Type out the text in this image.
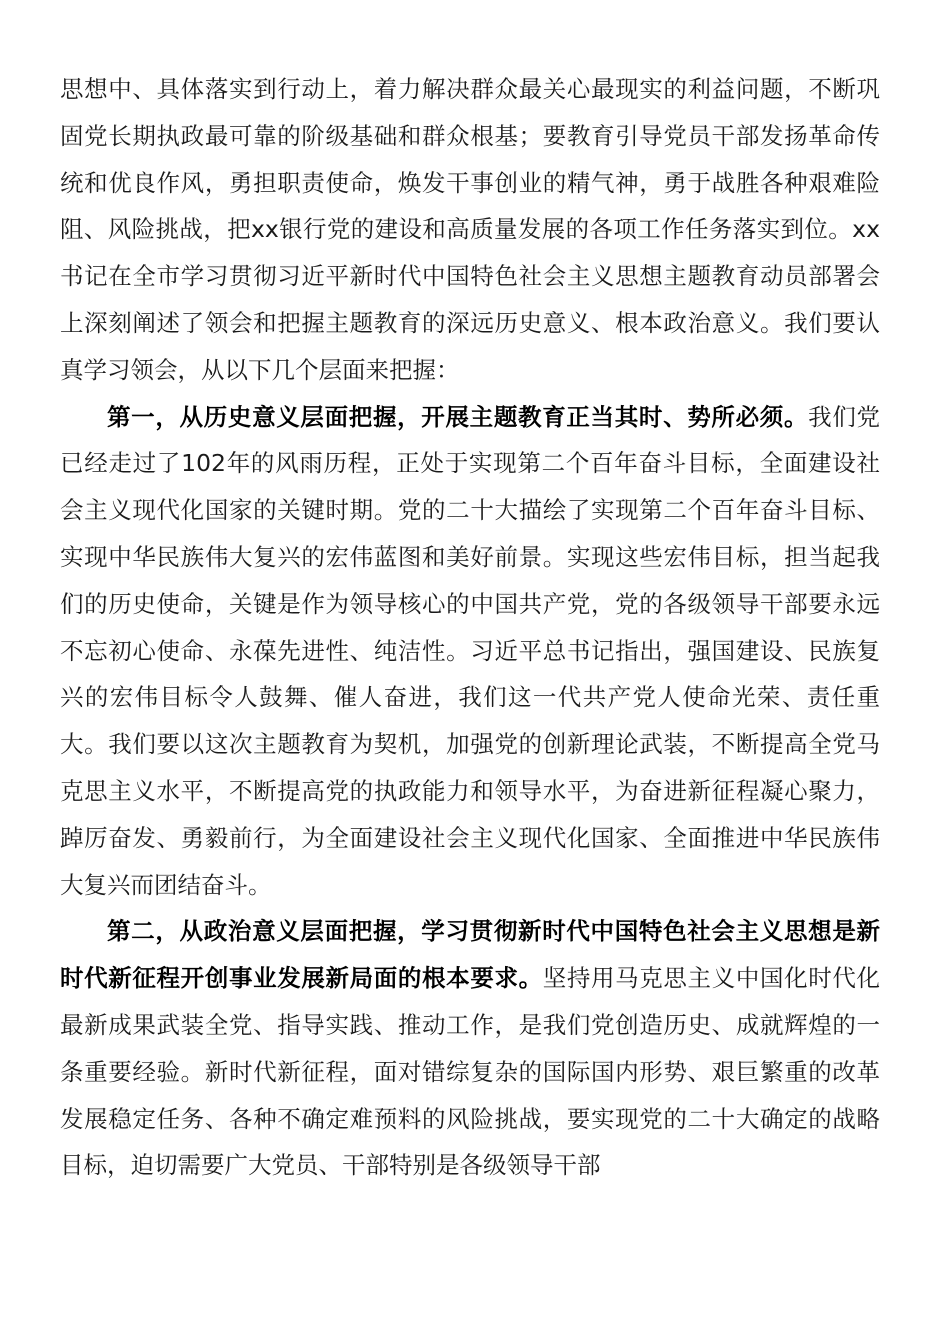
思想中、具体落实到行动上，着力解决群众最关心最现实的利益问题，不断巩固党长期执政最可靠的阶级基础和群众根基；要教育引导党员干部发扬革命传统和优良作风，勇担职责使命，焕发干事创业的精气神，勇于战胜各种艰难险阻、风险挑战，把xx银行党的建设和高质量发展的各项工作任务落实到位。xx书记在全市学习贯彻习近平新时代中国特色社会主义思想主题教育动员部署会上深刻阐述了领会和把握主题教育的深远历史意义、根本政治意义。我们要认真学习领会，从以下几个层面来把握：

第一，从历史意义层面把握，开展主题教育正当其时、势所必须。我们党已经走过了102年的风雨历程，正处于实现第二个百年奋斗目标，全面建设社会主义现代化国家的关键时期。党的二十大描绘了实现第二个百年奋斗目标、实现中华民族伟大复兴的宏伟蓝图和美好前景。实现这些宏伟目标，担当起我们的历史使命，关键是作为领导核心的中国共产党，党的各级领导干部要永远不忘初心使命、永葆先进性、纯洁性。习近平总书记指出，强国建设、民族复兴的宏伟目标令人鼓舞、催人奋进，我们这一代共产党人使命光荣、责任重大。我们要以这次主题教育为契机，加强党的创新理论武装，不断提高全党马克思主义水平，不断提高党的执政能力和领导水平，为奋进新征程凝心聚力，踔厉奋发、勇毅前行，为全面建设社会主义现代化国家、全面推进中华民族伟大复兴而团结奋斗。

第二，从政治意义层面把握，学习贯彻新时代中国特色社会主义思想是新时代新征程开创事业发展新局面的根本要求。坚持用马克思主义中国化时代化最新成果武装全党、指导实践、推动工作，是我们党创造历史、成就辉煌的一条重要经验。新时代新征程，面对错综复杂的国际国内形势、艰巨繁重的改革发展稳定任务、各种不确定难预料的风险挑战，要实现党的二十大确定的战略目标，迫切需要广大党员、干部特别是各级领导干部
